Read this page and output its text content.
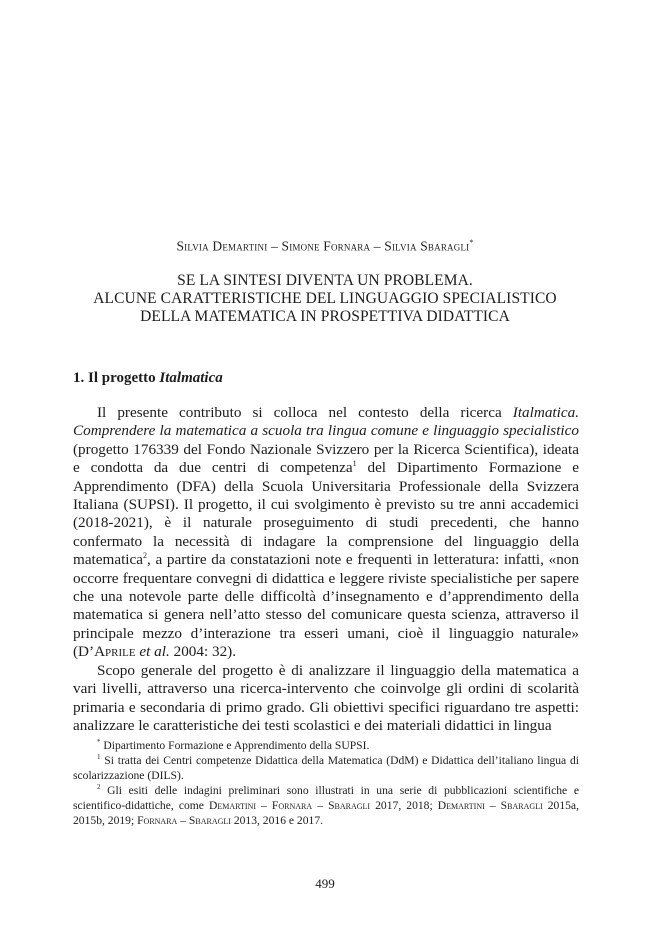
Silvia Demartini – Simone Fornara – Silvia Sbaragli*
SE LA SINTESI DIVENTA UN PROBLEMA.
ALCUNE CARATTERISTICHE DEL LINGUAGGIO SPECIALISTICO
DELLA MATEMATICA IN PROSPETTIVA DIDATTICA
1. Il progetto Italmatica

Il presente contributo si colloca nel contesto della ricerca Italmatica. Comprendere la matematica a scuola tra lingua comune e linguaggio specialistico (progetto 176339 del Fondo Nazionale Svizzero per la Ricerca Scientifica), ideata e condotta da due centri di competenza$^1$ del Dipartimento Formazione e Apprendimento (DFA) della Scuola Universitaria Professionale della Svizzera Italiana (SUPSI). Il progetto, il cui svolgimento è previsto su tre anni accademici (2018-2021), è il naturale proseguimento di studi precedenti, che hanno confermato la necessità di indagare la comprensione del linguaggio della matematica$^2$, a partire da constatazioni note e frequenti in letteratura: infatti, «non occorre frequentare convegni di didattica e leggere riviste specialistiche per sapere che una notevole parte delle difficoltà d’insegnamento e d’apprendimento della matematica si genera nell’atto stesso del comunicare questa scienza, attraverso il principale mezzo d’interazione tra esseri umani, cioè il linguaggio naturale» (D’Aprile et al. 2004: 32).

Scopo generale del progetto è di analizzare il linguaggio della matematica a vari livelli, attraverso una ricerca-intervento che coinvolge gli ordini di scolarità primaria e secondaria di primo grado. Gli obiettivi specifici riguardano tre aspetti: analizzare le caratteristiche dei testi scolastici e dei materiali didattici in lingua

* Dipartimento Formazione e Apprendimento della SUPSI.

$^1$ Si tratta dei Centri competenze Didattica della Matematica (DdM) e Didattica dell’italiano lingua di scolarizzazione (DILS).

$^2$ Gli esiti delle indagini preliminari sono illustrati in una serie di pubblicazioni scientifiche e scientifico-didattiche, come Demartini – Fornara – Sbaragli 2017, 2018; Demartini – Sbaragli 2015a, 2015b, 2019; Fornara – Sbaragli 2013, 2016 e 2017.

499
